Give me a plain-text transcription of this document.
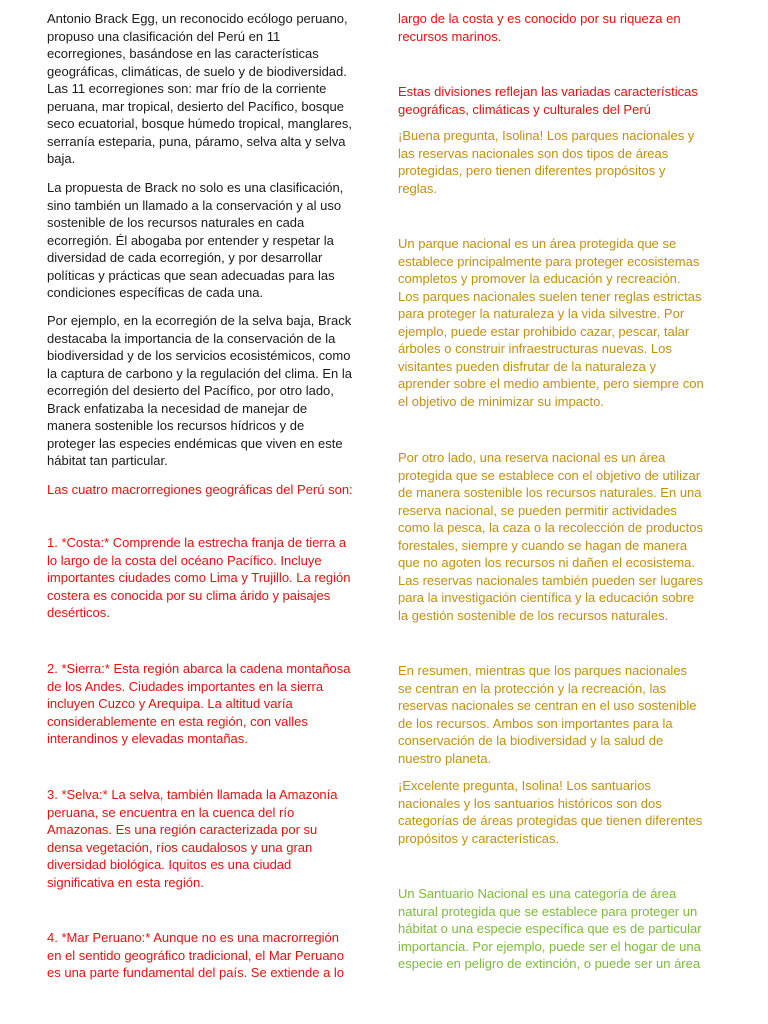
Antonio Brack Egg, un reconocido ecólogo peruano, propuso una clasificación del Perú en 11 ecorregiones, basándose en las características geográficas, climáticas, de suelo y de biodiversidad. Las 11 ecorregiones son: mar frío de la corriente peruana, mar tropical, desierto del Pacífico, bosque seco ecuatorial, bosque húmedo tropical, manglares, serranía esteparia, puna, páramo, selva alta y selva baja.

La propuesta de Brack no solo es una clasificación, sino también un llamado a la conservación y al uso sostenible de los recursos naturales en cada ecorregión. Él abogaba por entender y respetar la diversidad de cada ecorregión, y por desarrollar políticas y prácticas que sean adecuadas para las condiciones específicas de cada una.

Por ejemplo, en la ecorregión de la selva baja, Brack destacaba la importancia de la conservación de la biodiversidad y de los servicios ecosistémicos, como la captura de carbono y la regulación del clima. En la ecorregión del desierto del Pacífico, por otro lado, Brack enfatizaba la necesidad de manejar de manera sostenible los recursos hídricos y de proteger las especies endémicas que viven en este hábitat tan particular.

Las cuatro macrorregiones geográficas del Perú son:

1. *Costa:* Comprende la estrecha franja de tierra a lo largo de la costa del océano Pacífico. Incluye importantes ciudades como Lima y Trujillo. La región costera es conocida por su clima árido y paisajes desérticos.

2. *Sierra:* Esta región abarca la cadena montañosa de los Andes. Ciudades importantes en la sierra incluyen Cuzco y Arequipa. La altitud varía considerablemente en esta región, con valles interandinos y elevadas montañas.

3. *Selva:* La selva, también llamada la Amazonía peruana, se encuentra en la cuenca del río Amazonas. Es una región caracterizada por su densa vegetación, ríos caudalosos y una gran diversidad biológica. Iquitos es una ciudad significativa en esta región.

4. *Mar Peruano:* Aunque no es una macrorregión en el sentido geográfico tradicional, el Mar Peruano es una parte fundamental del país. Se extiende a lo

largo de la costa y es conocido por su riqueza en recursos marinos.

Estas divisiones reflejan las variadas características geográficas, climáticas y culturales del Perú

¡Buena pregunta, Isolina! Los parques nacionales y las reservas nacionales son dos tipos de áreas protegidas, pero tienen diferentes propósitos y reglas.

Un parque nacional es un área protegida que se establece principalmente para proteger ecosistemas completos y promover la educación y recreación. Los parques nacionales suelen tener reglas estrictas para proteger la naturaleza y la vida silvestre. Por ejemplo, puede estar prohibido cazar, pescar, talar árboles o construir infraestructuras nuevas. Los visitantes pueden disfrutar de la naturaleza y aprender sobre el medio ambiente, pero siempre con el objetivo de minimizar su impacto.

Por otro lado, una reserva nacional es un área protegida que se establece con el objetivo de utilizar de manera sostenible los recursos naturales. En una reserva nacional, se pueden permitir actividades como la pesca, la caza o la recolección de productos forestales, siempre y cuando se hagan de manera que no agoten los recursos ni dañen el ecosistema. Las reservas nacionales también pueden ser lugares para la investigación científica y la educación sobre la gestión sostenible de los recursos naturales.

En resumen, mientras que los parques nacionales se centran en la protección y la recreación, las reservas nacionales se centran en el uso sostenible de los recursos. Ambos son importantes para la conservación de la biodiversidad y la salud de nuestro planeta.

¡Excelente pregunta, Isolina! Los santuarios nacionales y los santuarios históricos son dos categorías de áreas protegidas que tienen diferentes propósitos y características.

Un Santuario Nacional es una categoría de área natural protegida que se establece para proteger un hábitat o una especie específica que es de particular importancia. Por ejemplo, puede ser el hogar de una especie en peligro de extinción, o puede ser un área
